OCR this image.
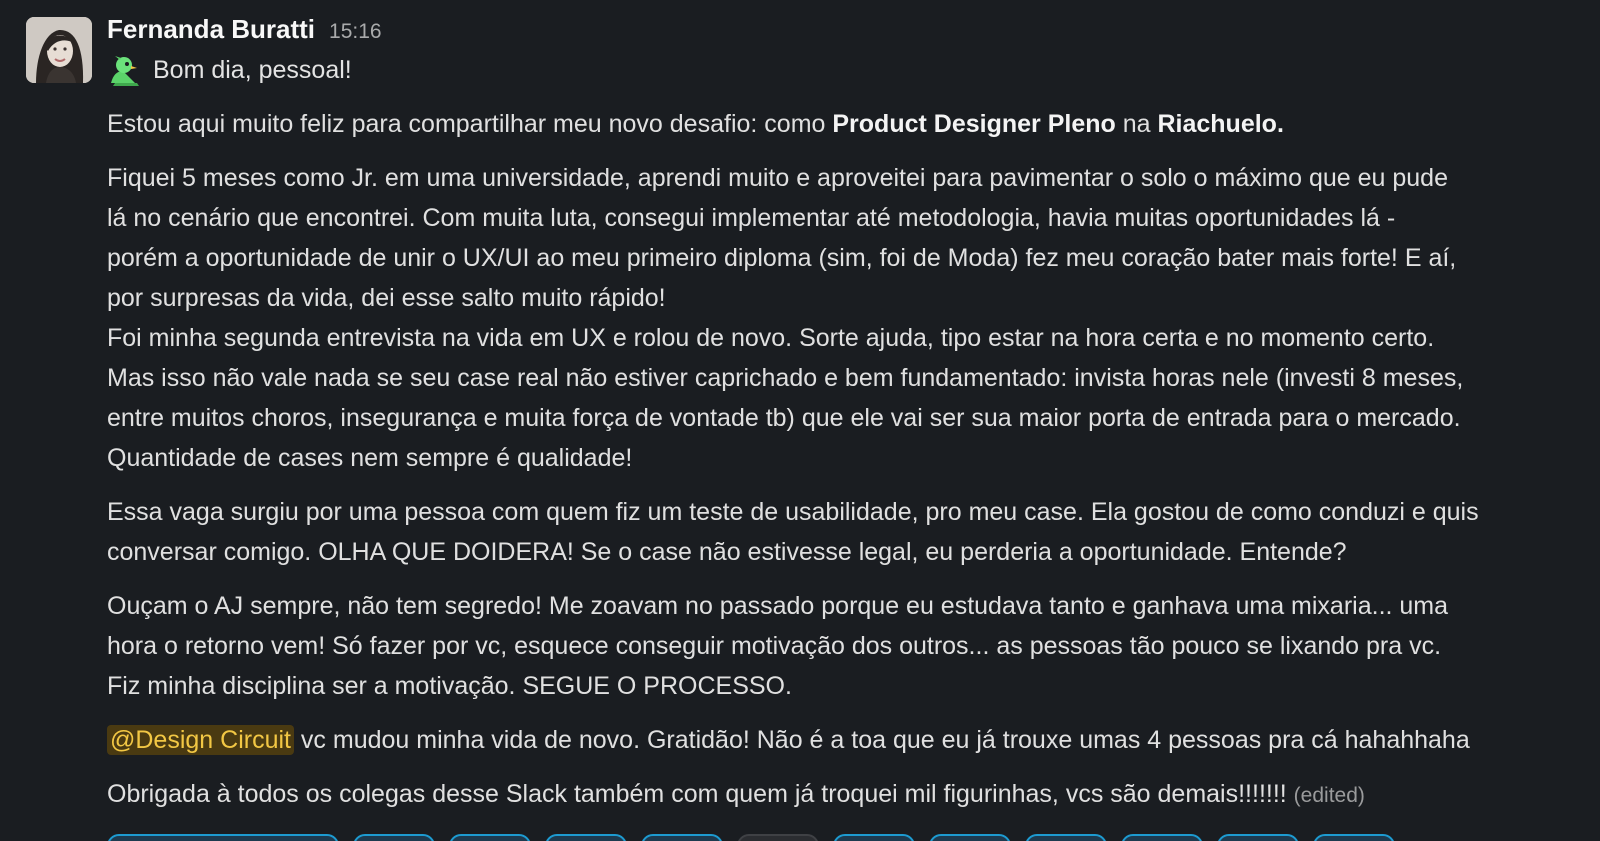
Fernanda Buratti 15:16
Bom dia, pessoal!

Estou aqui muito feliz para compartilhar meu novo desafio: como Product Designer Pleno na Riachuelo.

Fiquei 5 meses como Jr. em uma universidade, aprendi muito e aproveitei para pavimentar o solo o máximo que eu pude

lá no cenário que encontrei. Com muita luta, consegui implementar até metodologia, havia muitas oportunidades lá -

porém a oportunidade de unir o UX/UI ao meu primeiro diploma (sim, foi de Moda) fez meu coração bater mais forte! E aí,

por surpresas da vida, dei esse salto muito rápido!

Foi minha segunda entrevista na vida em UX e rolou de novo. Sorte ajuda, tipo estar na hora certa e no momento certo.

Mas isso não vale nada se seu case real não estiver caprichado e bem fundamentado: invista horas nele (investi 8 meses,

entre muitos choros, insegurança e muita força de vontade tb) que ele vai ser sua maior porta de entrada para o mercado.

Quantidade de cases nem sempre é qualidade!

Essa vaga surgiu por uma pessoa com quem fiz um teste de usabilidade, pro meu case. Ela gostou de como conduzi e quis

conversar comigo. OLHA QUE DOIDERA! Se o case não estivesse legal, eu perderia a oportunidade. Entende?

Ouçam o AJ sempre, não tem segredo! Me zoavam no passado porque eu estudava tanto e ganhava uma mixaria... uma

hora o retorno vem! Só fazer por vc, esquece conseguir motivação dos outros... as pessoas tão pouco se lixando pra vc.

Fiz minha disciplina ser a motivação. SEGUE O PROCESSO.

@Design Circuit vc mudou minha vida de novo. Gratidão! Não é a toa que eu já trouxe umas 4 pessoas pra cá hahahhaha

Obrigada à todos os colegas desse Slack também com quem já troquei mil figurinhas, vcs são demais!!!!!!! (edited)
